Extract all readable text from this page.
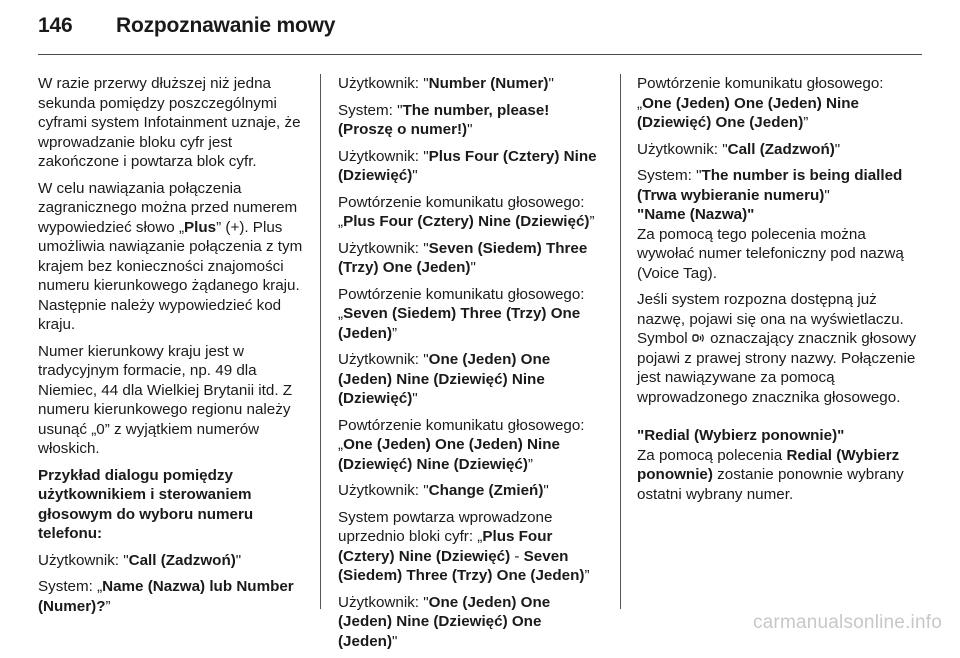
146 Rozpoznawanie mowy

W razie przerwy dłuższej niż jedna sekunda pomiędzy poszczególnymi cyframi system Infotainment uznaje, że wprowadzanie bloku cyfr jest zakończone i powtarza blok cyfr.

W celu nawiązania połączenia zagranicznego można przed numerem wypowiedzieć słowo „Plus” (+). Plus umożliwia nawiązanie połączenia z tym krajem bez konieczności znajomości numeru kierunkowego żądanego kraju. Następnie należy wypowiedzieć kod kraju.

Numer kierunkowy kraju jest w tradycyjnym formacie, np. 49 dla Niemiec, 44 dla Wielkiej Brytanii itd. Z numeru kierunkowego regionu należy usunąć „0” z wyjątkiem numerów włoskich.

Przykład dialogu pomiędzy użytkownikiem i sterowaniem głosowym do wyboru numeru telefonu:

Użytkownik: "Call (Zadzwoń)"

System: „Name (Nazwa) lub Number (Numer)?”

Użytkownik: "Number (Numer)"

System: "The number, please! (Proszę o numer!)"

Użytkownik: "Plus Four (Cztery) Nine (Dziewięć)"

Powtórzenie komunikatu głosowego: „Plus Four (Cztery) Nine (Dziewięć)”

Użytkownik: "Seven (Siedem) Three (Trzy) One (Jeden)"

Powtórzenie komunikatu głosowego: „Seven (Siedem) Three (Trzy) One (Jeden)”

Użytkownik: "One (Jeden) One (Jeden) Nine (Dziewięć) Nine (Dziewięć)"

Powtórzenie komunikatu głosowego: „One (Jeden) One (Jeden) Nine (Dziewięć) Nine (Dziewięć)”

Użytkownik: "Change (Zmień)"

System powtarza wprowadzone uprzednio bloki cyfr: „Plus Four (Cztery) Nine (Dziewięć) - Seven (Siedem) Three (Trzy) One (Jeden)”

Użytkownik: "One (Jeden) One (Jeden) Nine (Dziewięć) One (Jeden)"

Powtórzenie komunikatu głosowego: „One (Jeden) One (Jeden) Nine (Dziewięć) One (Jeden)”

Użytkownik: "Call (Zadzwoń)"

System: "The number is being dialled (Trwa wybieranie numeru)"

"Name (Nazwa)"

Za pomocą tego polecenia można wywołać numer telefoniczny pod nazwą (Voice Tag).

Jeśli system rozpozna dostępną już nazwę, pojawi się ona na wyświetlaczu. Symbol  oznaczający znacznik głosowy pojawi z prawej strony nazwy. Połączenie jest nawiązywane za pomocą wprowadzonego znacznika głosowego.

"Redial (Wybierz ponownie)"

Za pomocą polecenia Redial (Wybierz ponownie) zostanie ponownie wybrany ostatni wybrany numer.

carmanualsonline.info
